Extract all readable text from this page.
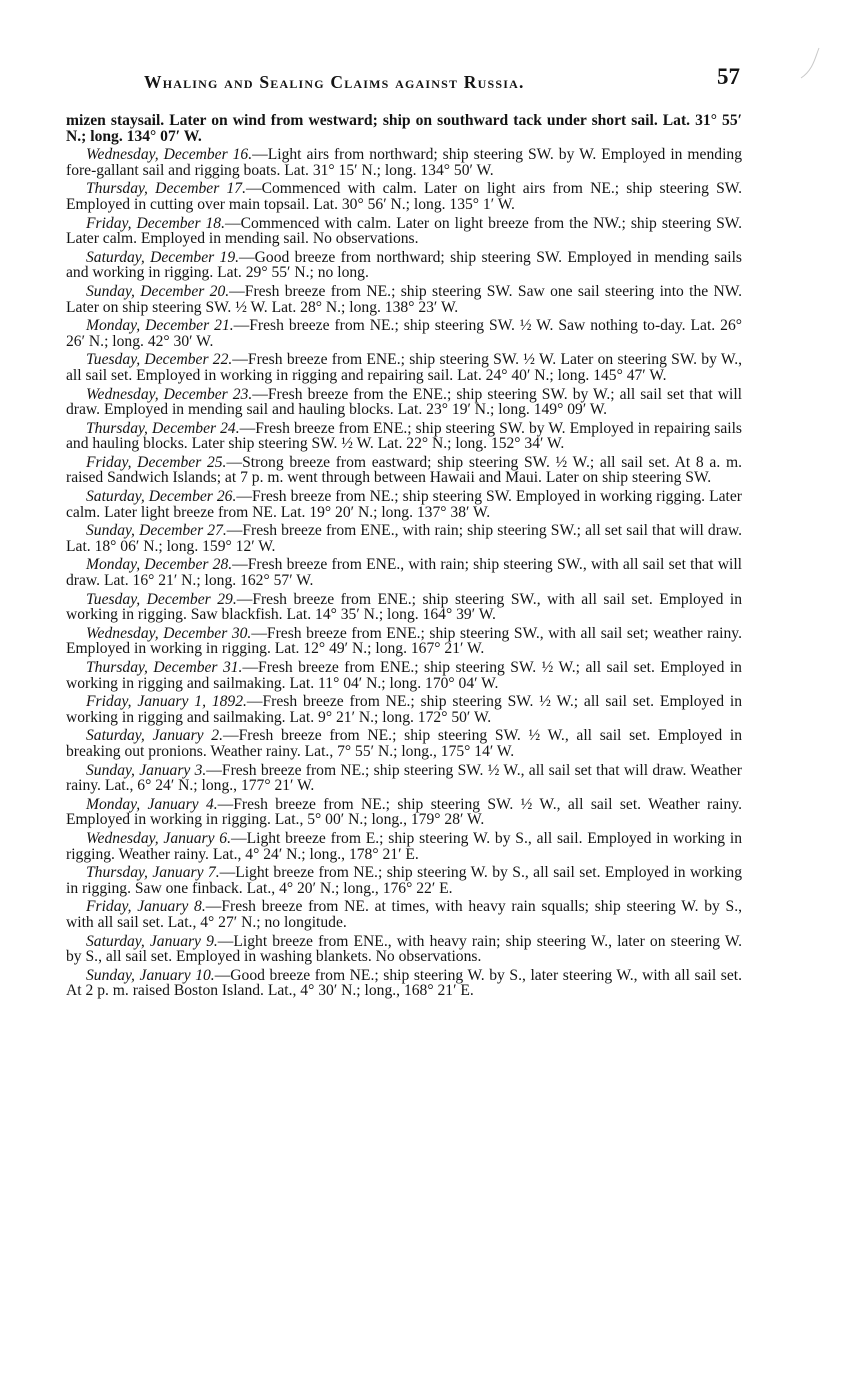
Whaling and Sealing Claims against Russia.	57

mizen staysail. Later on wind from westward; ship on southward tack under short sail. Lat. 31° 55′ N.; long. 134° 07′ W.

Wednesday, December 16.—Light airs from northward; ship steering SW. by W. Employed in mending fore-gallant sail and rigging boats. Lat. 31° 15′ N.; long. 134° 50′ W.

Thursday, December 17.—Commenced with calm. Later on light airs from NE.; ship steering SW. Employed in cutting over main topsail. Lat. 30° 56′ N.; long. 135° 1′ W.

Friday, December 18.—Commenced with calm. Later on light breeze from the NW.; ship steering SW. Later calm. Employed in mending sail. No observations.

Saturday, December 19.—Good breeze from northward; ship steering SW. Employed in mending sails and working in rigging. Lat. 29° 55′ N.; no long.

Sunday, December 20.—Fresh breeze from NE.; ship steering SW. Saw one sail steering into the NW. Later on ship steering SW. ½ W. Lat. 28° N.; long. 138° 23′ W.

Monday, December 21.—Fresh breeze from NE.; ship steering SW. ½ W. Saw nothing to-day. Lat. 26° 26′ N.; long. 42° 30′ W.

Tuesday, December 22.—Fresh breeze from ENE.; ship steering SW. ½ W. Later on steering SW. by W., all sail set. Employed in working in rigging and repairing sail. Lat. 24° 40′ N.; long. 145° 47′ W.

Wednesday, December 23.—Fresh breeze from the ENE.; ship steering SW. by W.; all sail set that will draw. Employed in mending sail and hauling blocks. Lat. 23° 19′ N.; long. 149° 09′ W.

Thursday, December 24.—Fresh breeze from ENE.; ship steering SW. by W. Employed in repairing sails and hauling blocks. Later ship steering SW. ½ W. Lat. 22° N.; long. 152° 34′ W.

Friday, December 25.—Strong breeze from eastward; ship steering SW. ½ W.; all sail set. At 8 a. m. raised Sandwich Islands; at 7 p. m. went through between Hawaii and Maui. Later on ship steering SW.

Saturday, December 26.—Fresh breeze from NE.; ship steering SW. Employed in working rigging. Later calm. Later light breeze from NE. Lat. 19° 20′ N.; long. 137° 38′ W.

Sunday, December 27.—Fresh breeze from ENE., with rain; ship steering SW.; all set sail that will draw. Lat. 18° 06′ N.; long. 159° 12′ W.

Monday, December 28.—Fresh breeze from ENE., with rain; ship steering SW., with all sail set that will draw. Lat. 16° 21′ N.; long. 162° 57′ W.

Tuesday, December 29.—Fresh breeze from ENE.; ship steering SW., with all sail set. Employed in working in rigging. Saw blackfish. Lat. 14° 35′ N.; long. 164° 39′ W.

Wednesday, December 30.—Fresh breeze from ENE.; ship steering SW., with all sail set; weather rainy. Employed in working in rigging. Lat. 12° 49′ N.; long. 167° 21′ W.

Thursday, December 31.—Fresh breeze from ENE.; ship steering SW. ½ W.; all sail set. Employed in working in rigging and sailmaking. Lat. 11° 04′ N.; long. 170° 04′ W.

Friday, January 1, 1892.—Fresh breeze from NE.; ship steering SW. ½ W.; all sail set. Employed in working in rigging and sailmaking. Lat. 9° 21′ N.; long. 172° 50′ W.

Saturday, January 2.—Fresh breeze from NE.; ship steering SW. ½ W., all sail set. Employed in breaking out pronions. Weather rainy. Lat., 7° 55′ N.; long., 175° 14′ W.

Sunday, January 3.—Fresh breeze from NE.; ship steering SW. ½ W., all sail set that will draw. Weather rainy. Lat., 6° 24′ N.; long., 177° 21′ W.

Monday, January 4.—Fresh breeze from NE.; ship steering SW. ½ W., all sail set. Weather rainy. Employed in working in rigging. Lat., 5° 00′ N.; long., 179° 28′ W.

Wednesday, January 6.—Light breeze from E.; ship steering W. by S., all sail. Employed in working in rigging. Weather rainy. Lat., 4° 24′ N.; long., 178° 21′ E.

Thursday, January 7.—Light breeze from NE.; ship steering W. by S., all sail set. Employed in working in rigging. Saw one finback. Lat., 4° 20′ N.; long., 176° 22′ E.

Friday, January 8.—Fresh breeze from NE. at times, with heavy rain squalls; ship steering W. by S., with all sail set. Lat., 4° 27′ N.; no longitude.

Saturday, January 9.—Light breeze from ENE., with heavy rain; ship steering W., later on steering W. by S., all sail set. Employed in washing blankets. No observations.

Sunday, January 10.—Good breeze from NE.; ship steering W. by S., later steering W., with all sail set. At 2 p. m. raised Boston Island. Lat., 4° 30′ N.; long., 168° 21′ E.
